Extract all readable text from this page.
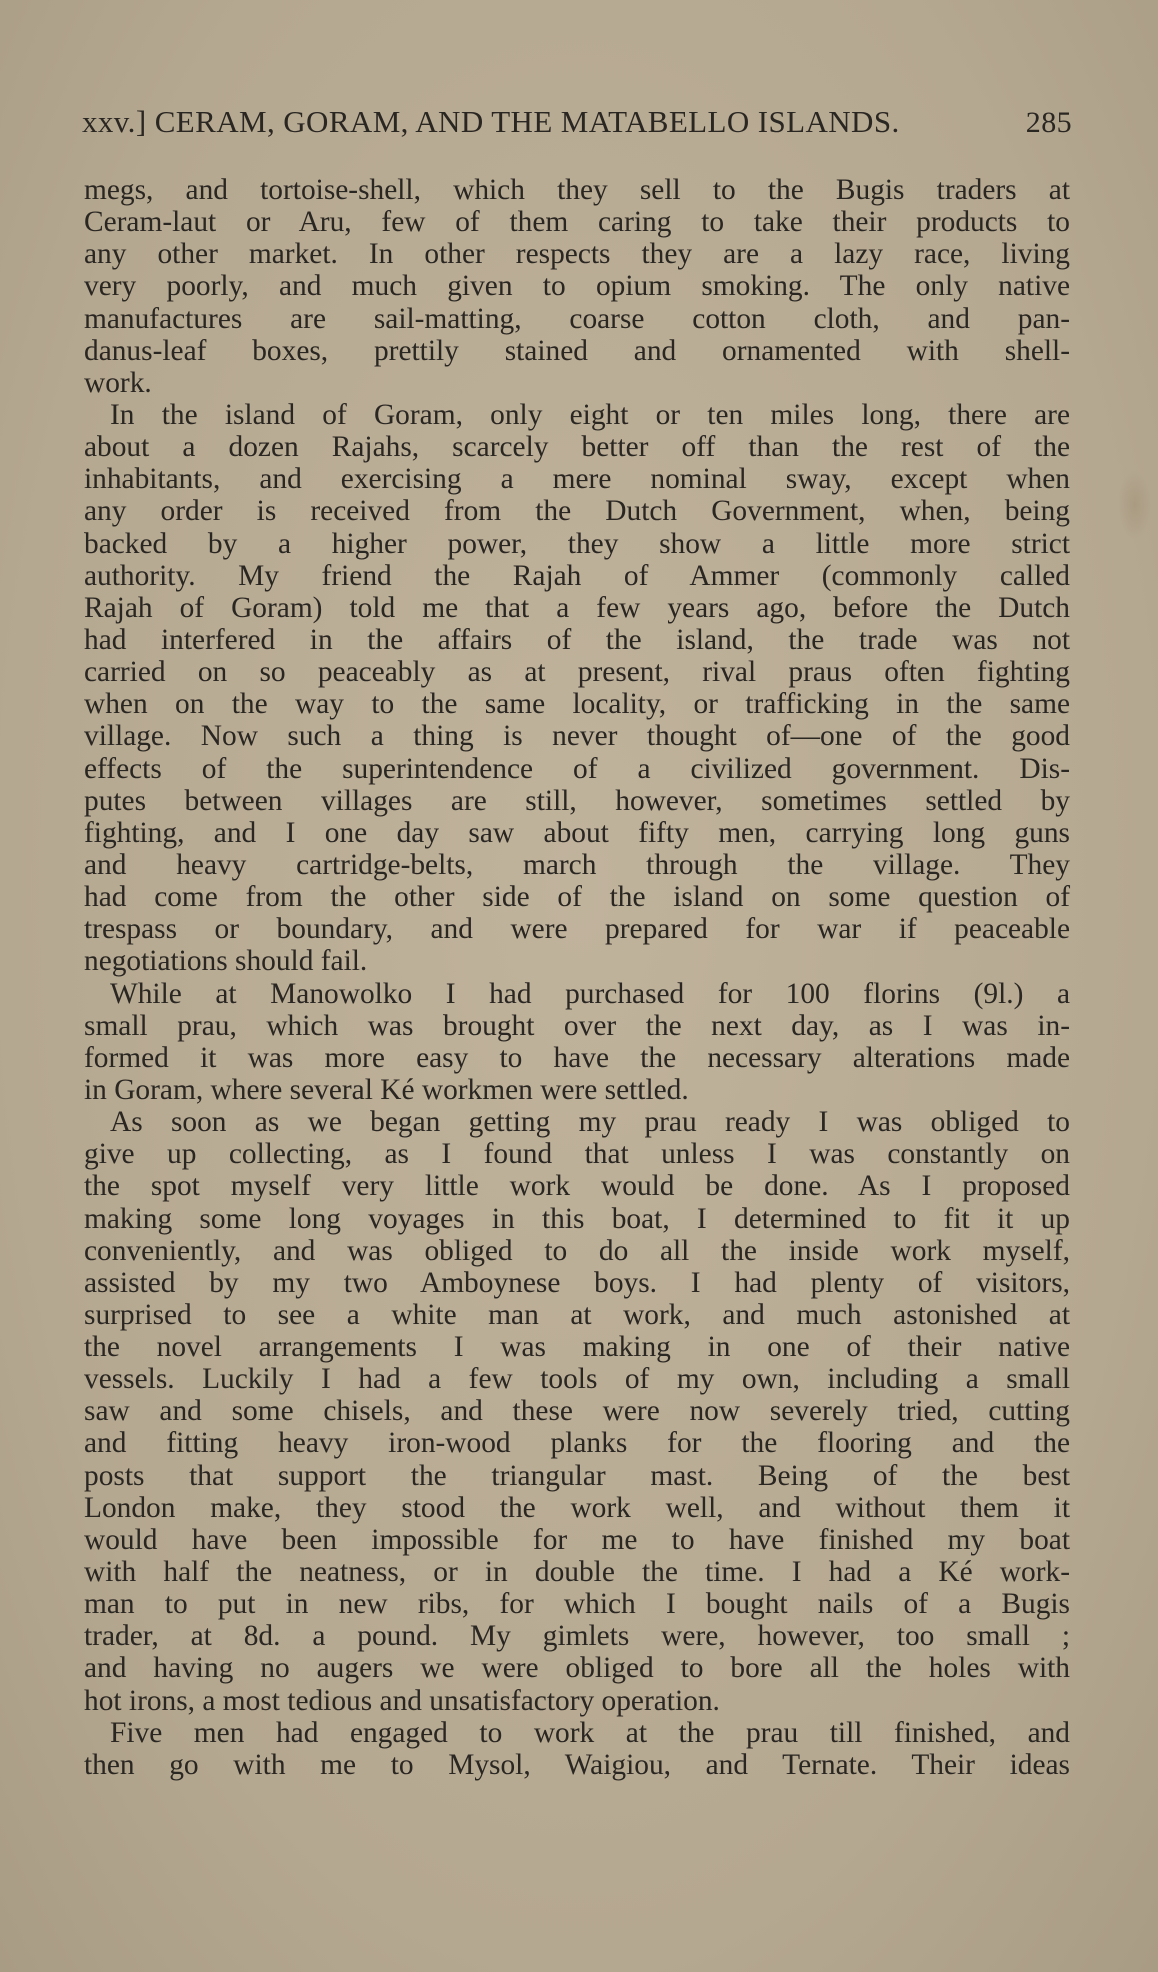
xxv.] CERAM, GORAM, AND THE MATABELLO ISLANDS.	285
megs, and tortoise-shell, which they sell to the Bugis traders at
Ceram-laut or Aru, few of them caring to take their products to
any other market. In other respects they are a lazy race, living
very poorly, and much given to opium smoking. The only native
manufactures are sail-matting, coarse cotton cloth, and pan-
danus-leaf boxes, prettily stained and ornamented with shell-
work.
In the island of Goram, only eight or ten miles long, there are
about a dozen Rajahs, scarcely better off than the rest of the
inhabitants, and exercising a mere nominal sway, except when
any order is received from the Dutch Government, when, being
backed by a higher power, they show a little more strict
authority. My friend the Rajah of Ammer (commonly called
Rajah of Goram) told me that a few years ago, before the Dutch
had interfered in the affairs of the island, the trade was not
carried on so peaceably as at present, rival praus often fighting
when on the way to the same locality, or trafficking in the same
village. Now such a thing is never thought of—one of the good
effects of the superintendence of a civilized government. Dis-
putes between villages are still, however, sometimes settled by
fighting, and I one day saw about fifty men, carrying long guns
and heavy cartridge-belts, march through the village. They
had come from the other side of the island on some question of
trespass or boundary, and were prepared for war if peaceable
negotiations should fail.
While at Manowolko I had purchased for 100 florins (9l.) a
small prau, which was brought over the next day, as I was in-
formed it was more easy to have the necessary alterations made
in Goram, where several Ké workmen were settled.
As soon as we began getting my prau ready I was obliged to
give up collecting, as I found that unless I was constantly on
the spot myself very little work would be done. As I proposed
making some long voyages in this boat, I determined to fit it up
conveniently, and was obliged to do all the inside work myself,
assisted by my two Amboynese boys. I had plenty of visitors,
surprised to see a white man at work, and much astonished at
the novel arrangements I was making in one of their native
vessels. Luckily I had a few tools of my own, including a small
saw and some chisels, and these were now severely tried, cutting
and fitting heavy iron-wood planks for the flooring and the
posts that support the triangular mast. Being of the best
London make, they stood the work well, and without them it
would have been impossible for me to have finished my boat
with half the neatness, or in double the time. I had a Ké work-
man to put in new ribs, for which I bought nails of a Bugis
trader, at 8d. a pound. My gimlets were, however, too small ;
and having no augers we were obliged to bore all the holes with
hot irons, a most tedious and unsatisfactory operation.
Five men had engaged to work at the prau till finished, and
then go with me to Mysol, Waigiou, and Ternate. Their ideas
